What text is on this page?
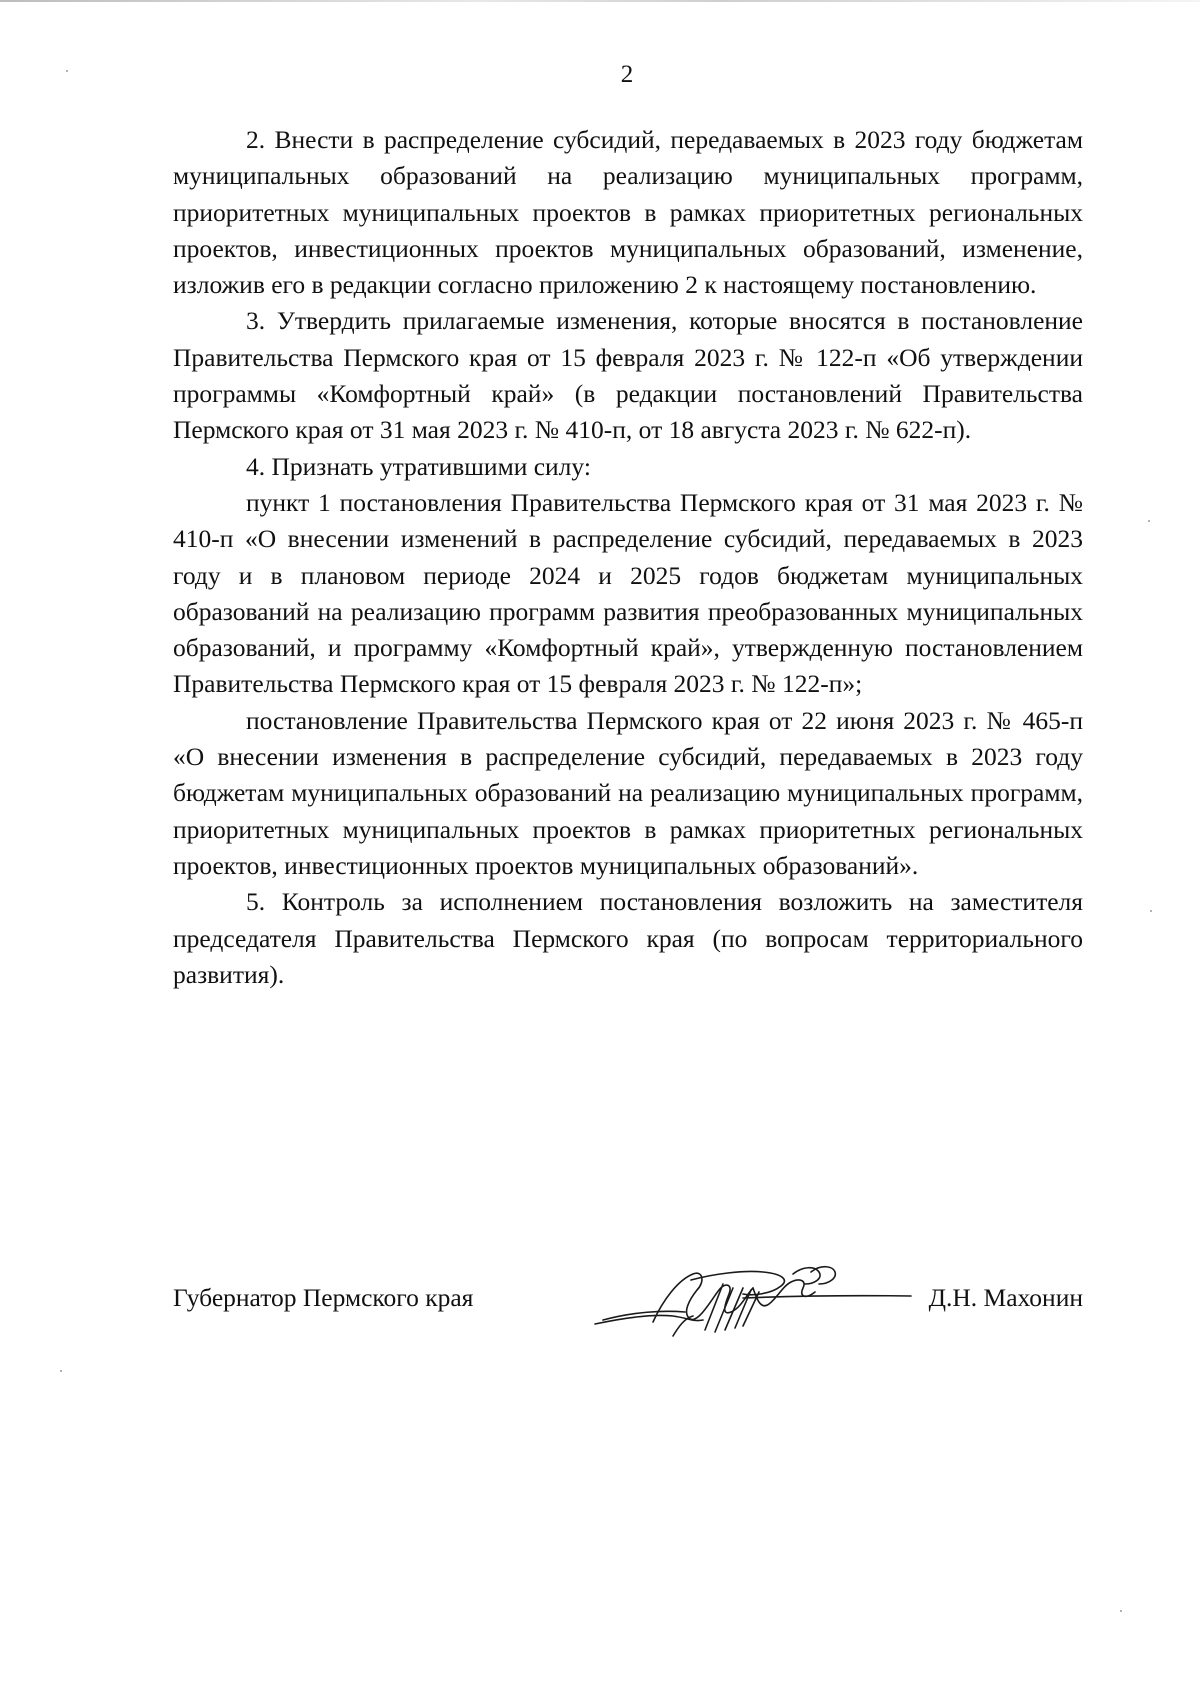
2

2. Внести в распределение субсидий, передаваемых в 2023 году бюджетам муниципальных образований на реализацию муниципальных программ, приоритетных муниципальных проектов в рамках приоритетных региональных проектов, инвестиционных проектов муниципальных образований, изменение, изложив его в редакции согласно приложению 2 к настоящему постановлению.

3. Утвердить прилагаемые изменения, которые вносятся в постановление Правительства Пермского края от 15 февраля 2023 г. № 122-п «Об утверждении программы «Комфортный край» (в редакции постановлений Правительства Пермского края от 31 мая 2023 г. № 410-п, от 18 августа 2023 г. № 622-п).

4. Признать утратившими силу:

пункт 1 постановления Правительства Пермского края от 31 мая 2023 г. № 410-п «О внесении изменений в распределение субсидий, передаваемых в 2023 году и в плановом периоде 2024 и 2025 годов бюджетам муниципальных образований на реализацию программ развития преобразованных муниципальных образований, и программу «Комфортный край», утвержденную постановлением Правительства Пермского края от 15 февраля 2023 г. № 122-п»;

постановление Правительства Пермского края от 22 июня 2023 г. № 465-п «О внесении изменения в распределение субсидий, передаваемых в 2023 году бюджетам муниципальных образований на реализацию муниципальных программ, приоритетных муниципальных проектов в рамках приоритетных региональных проектов, инвестиционных проектов муниципальных образований».

5. Контроль за исполнением постановления возложить на заместителя председателя Правительства Пермского края (по вопросам территориального развития).

Губернатор Пермского края	Д.Н. Махонин
